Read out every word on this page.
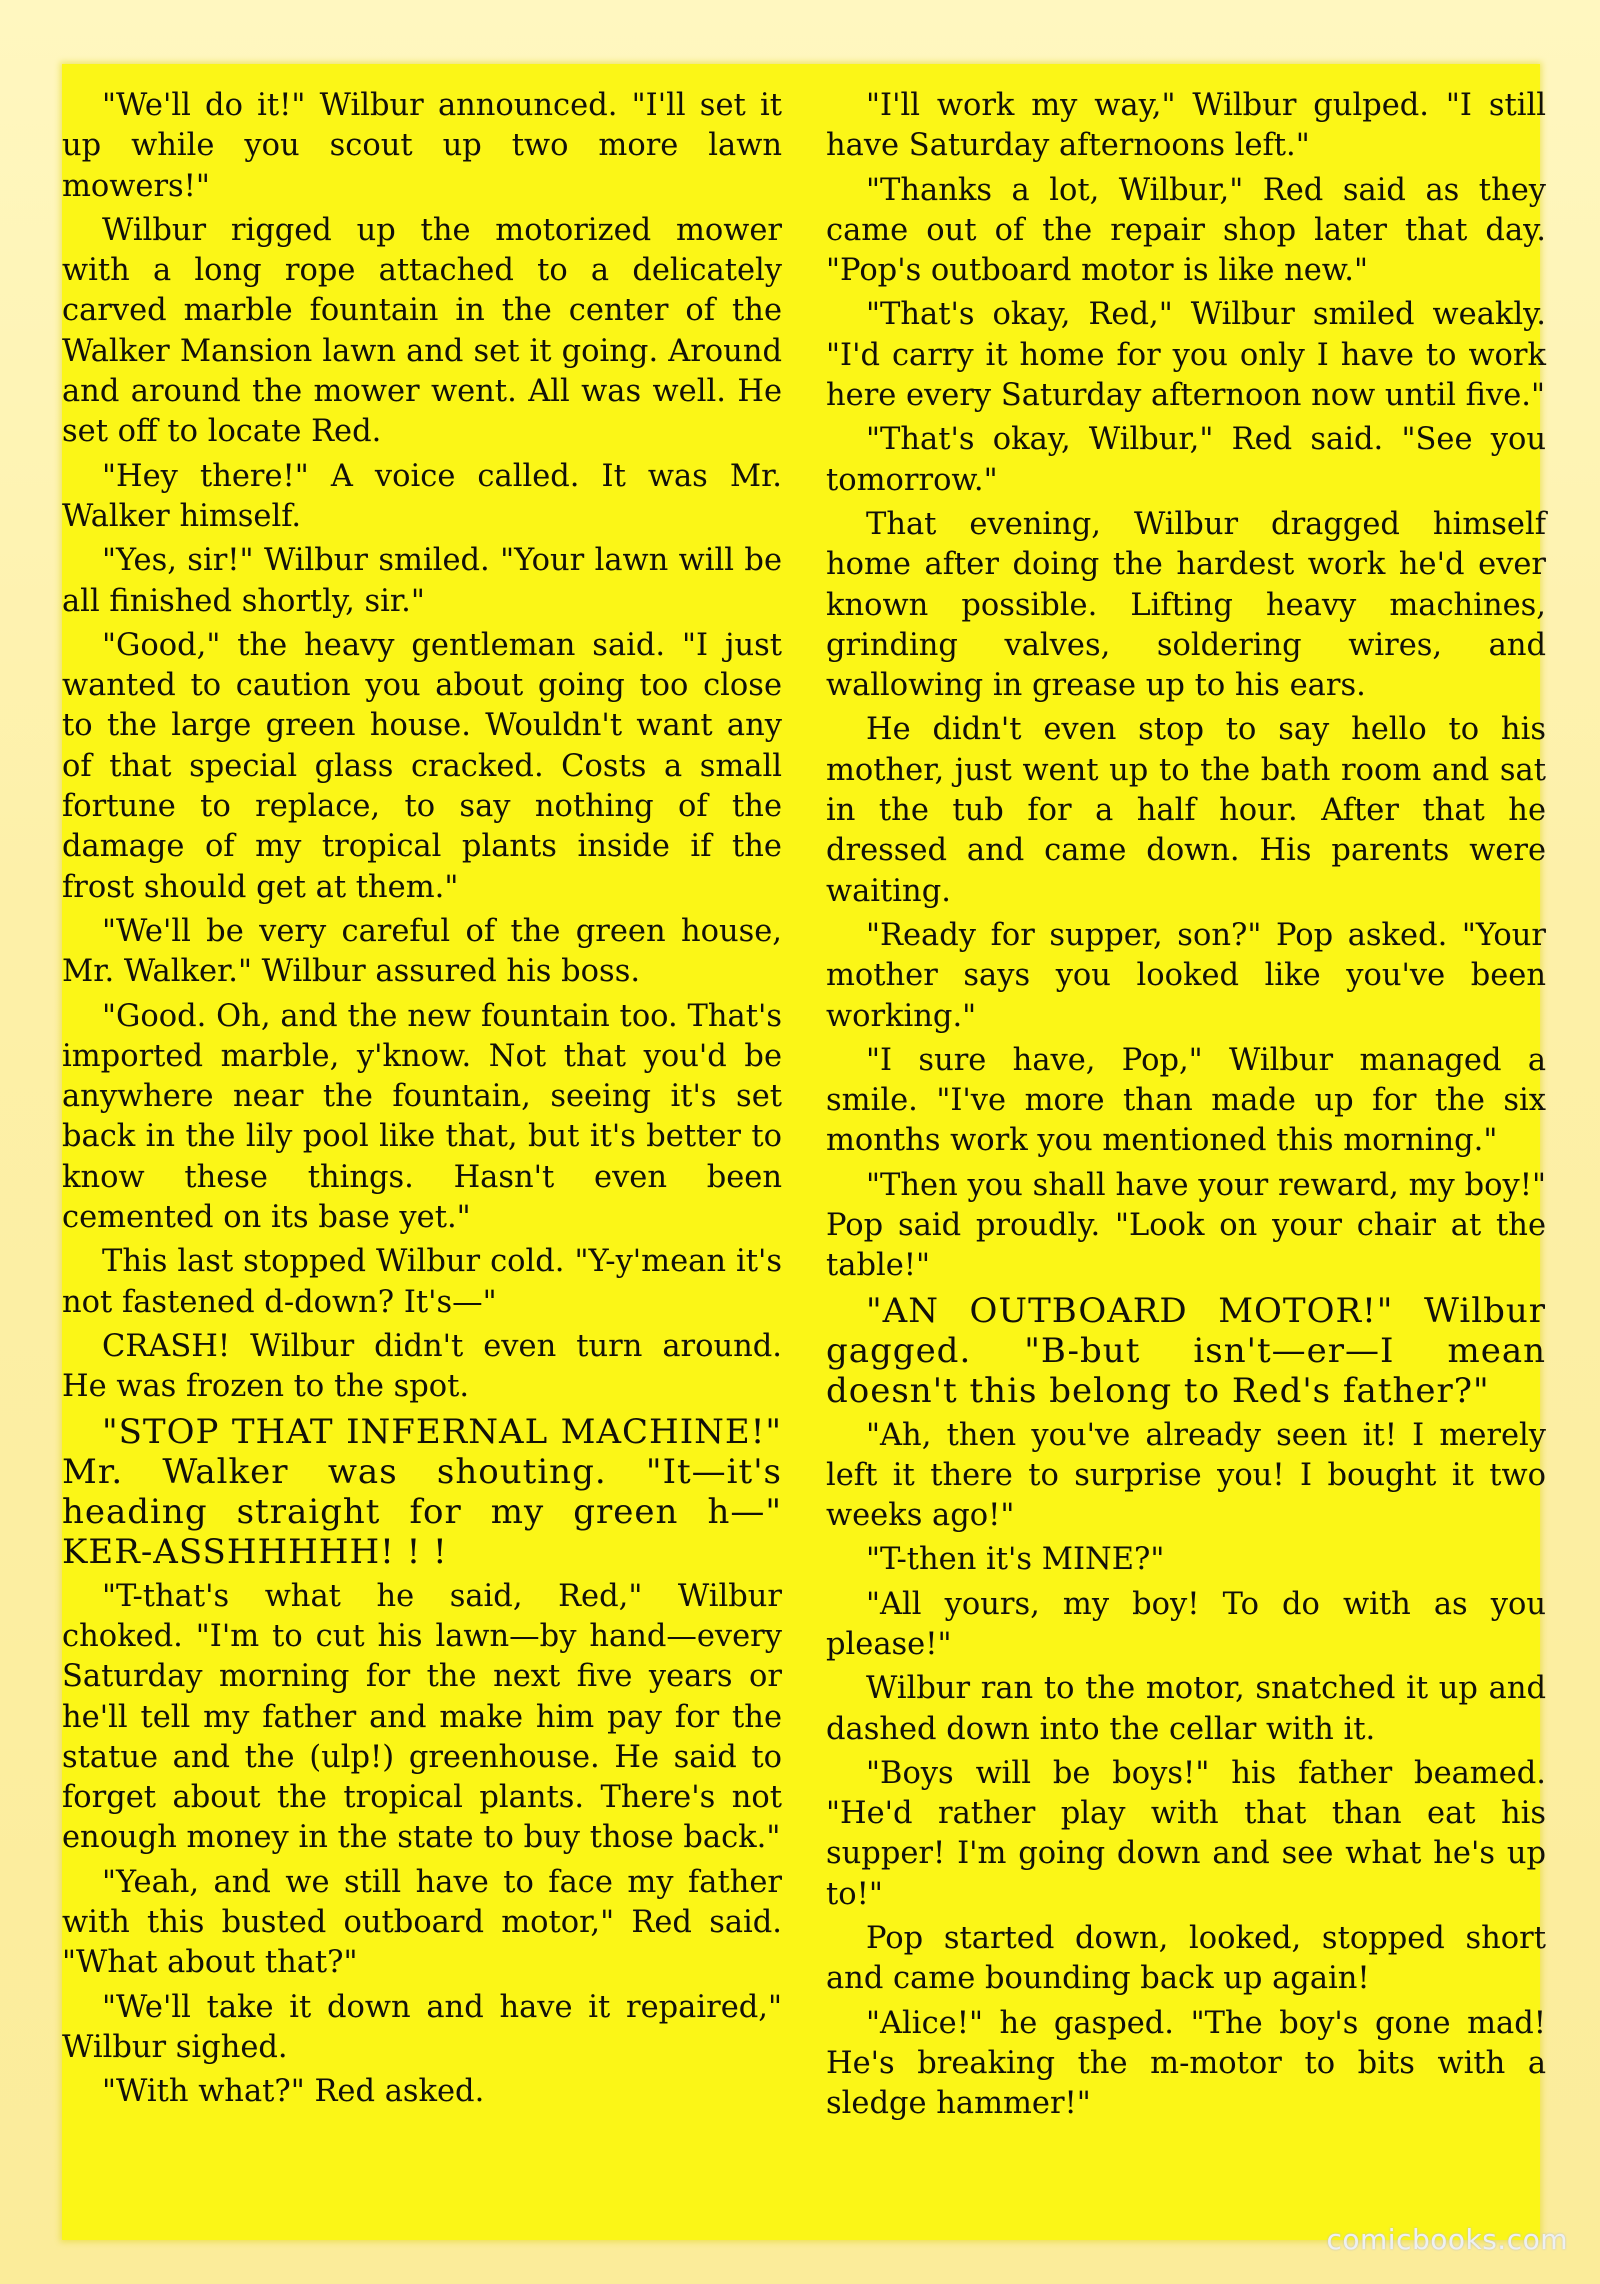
"We'll do it!" Wilbur announced. "I'll set it up while you scout up two more lawn mowers!"

Wilbur rigged up the motorized mower with a long rope attached to a delicately carved marble fountain in the center of the Walker Mansion lawn and set it going. Around and around the mower went. All was well. He set off to locate Red.

"Hey there!" A voice called. It was Mr. Walker himself.

"Yes, sir!" Wilbur smiled. "Your lawn will be all finished shortly, sir."

"Good," the heavy gentleman said. "I just wanted to caution you about going too close to the large green house. Wouldn't want any of that special glass cracked. Costs a small fortune to replace, to say nothing of the damage of my tropical plants inside if the frost should get at them."

"We'll be very careful of the green house, Mr. Walker." Wilbur assured his boss.

"Good. Oh, and the new fountain too. That's imported marble, y'know. Not that you'd be anywhere near the fountain, seeing it's set back in the lily pool like that, but it's better to know these things. Hasn't even been cemented on its base yet."

This last stopped Wilbur cold. "Y-y'mean it's not fastened d-down? It's—"

CRASH! Wilbur didn't even turn around. He was frozen to the spot.

"STOP THAT INFERNAL MACHINE!" Mr. Walker was shouting. "It—it's heading straight for my green h—" KER-ASSHHHHH! ! !

"T-that's what he said, Red," Wilbur choked. "I'm to cut his lawn—by hand—every Saturday morning for the next five years or he'll tell my father and make him pay for the statue and the (ulp!) greenhouse. He said to forget about the tropical plants. There's not enough money in the state to buy those back."

"Yeah, and we still have to face my father with this busted outboard motor," Red said. "What about that?"

"We'll take it down and have it repaired," Wilbur sighed.

"With what?" Red asked.

"I'll work my way," Wilbur gulped. "I still have Saturday afternoons left."

"Thanks a lot, Wilbur," Red said as they came out of the repair shop later that day. "Pop's outboard motor is like new."

"That's okay, Red," Wilbur smiled weakly. "I'd carry it home for you only I have to work here every Saturday afternoon now until five."

"That's okay, Wilbur," Red said. "See you tomorrow."

That evening, Wilbur dragged himself home after doing the hardest work he'd ever known possible. Lifting heavy machines, grinding valves, soldering wires, and wallowing in grease up to his ears.

He didn't even stop to say hello to his mother, just went up to the bath room and sat in the tub for a half hour. After that he dressed and came down. His parents were waiting.

"Ready for supper, son?" Pop asked. "Your mother says you looked like you've been working."

"I sure have, Pop," Wilbur managed a smile. "I've more than made up for the six months work you mentioned this morning."

"Then you shall have your reward, my boy!" Pop said proudly. "Look on your chair at the table!"

"AN OUTBOARD MOTOR!" Wilbur gagged. "B-but isn't—er—I mean doesn't this belong to Red's father?"

"Ah, then you've already seen it! I merely left it there to surprise you! I bought it two weeks ago!"

"T-then it's MINE?"

"All yours, my boy! To do with as you please!"

Wilbur ran to the motor, snatched it up and dashed down into the cellar with it.

"Boys will be boys!" his father beamed. "He'd rather play with that than eat his supper! I'm going down and see what he's up to!"

Pop started down, looked, stopped short and came bounding back up again!

"Alice!" he gasped. "The boy's gone mad! He's breaking the m-motor to bits with a sledge hammer!"

comicbooks.com
